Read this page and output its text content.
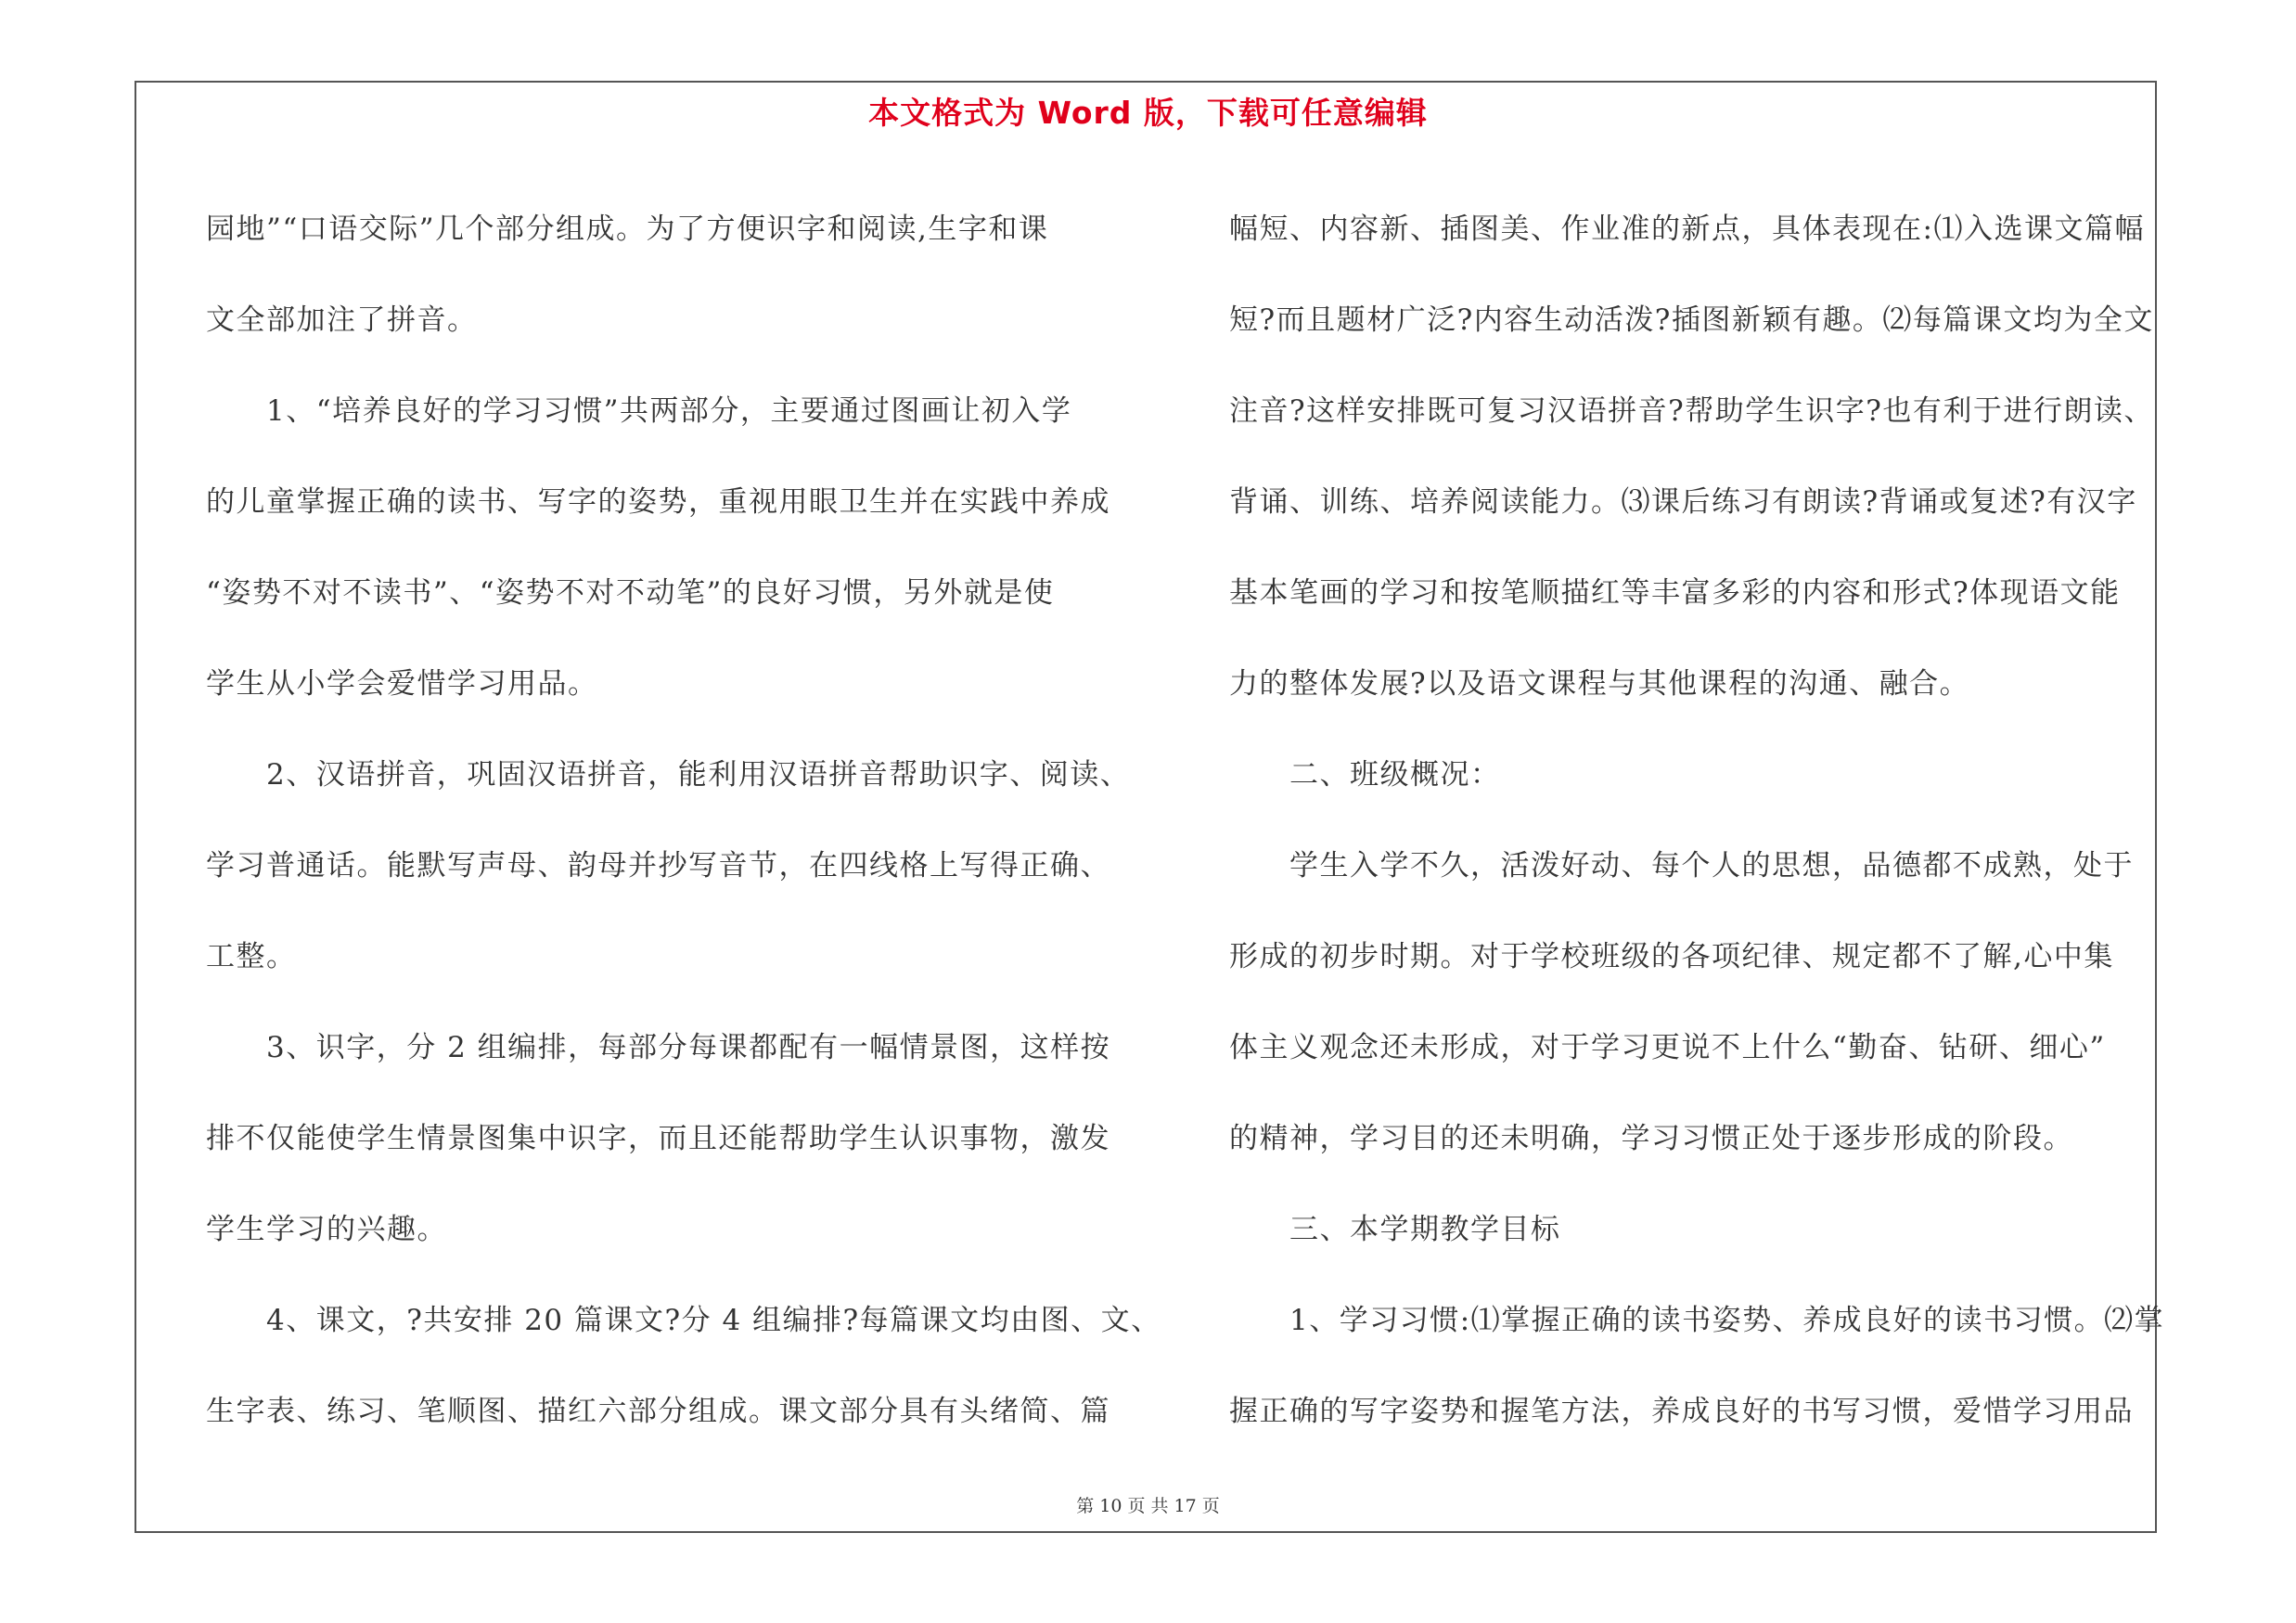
本文格式为 Word 版，下载可任意编辑
园地”“口语交际”几个部分组成。为了方便识字和阅读,生字和课
文全部加注了拼音。
　　1、“培养良好的学习习惯”共两部分，主要通过图画让初入学
的儿童掌握正确的读书、写字的姿势，重视用眼卫生并在实践中养成
“姿势不对不读书”、“姿势不对不动笔”的良好习惯，另外就是使
学生从小学会爱惜学习用品。
　　2、汉语拼音，巩固汉语拼音，能利用汉语拼音帮助识字、阅读、
学习普通话。能默写声母、韵母并抄写音节，在四线格上写得正确、
工整。
　　3、识字，分 2 组编排，每部分每课都配有一幅情景图，这样按
排不仅能使学生情景图集中识字，而且还能帮助学生认识事物，激发
学生学习的兴趣。
　　4、课文，?共安排 20 篇课文?分 4 组编排?每篇课文均由图、文、
生字表、练习、笔顺图、描红六部分组成。课文部分具有头绪简、篇
幅短、内容新、插图美、作业准的新点，具体表现在:⑴入选课文篇幅
短?而且题材广泛?内容生动活泼?插图新颖有趣。⑵每篇课文均为全文
注音?这样安排既可复习汉语拼音?帮助学生识字?也有利于进行朗读、
背诵、训练、培养阅读能力。⑶课后练习有朗读?背诵或复述?有汉字
基本笔画的学习和按笔顺描红等丰富多彩的内容和形式?体现语文能
力的整体发展?以及语文课程与其他课程的沟通、融合。
　　二、班级概况：
　　学生入学不久，活泼好动、每个人的思想，品德都不成熟，处于
形成的初步时期。对于学校班级的各项纪律、规定都不了解,心中集
体主义观念还未形成，对于学习更说不上什么“勤奋、钻研、细心”
的精神，学习目的还未明确，学习习惯正处于逐步形成的阶段。
　　三、本学期教学目标
　　1、学习习惯:⑴掌握正确的读书姿势、养成良好的读书习惯。⑵掌
握正确的写字姿势和握笔方法，养成良好的书写习惯，爱惜学习用品
第 10 页 共 17 页
